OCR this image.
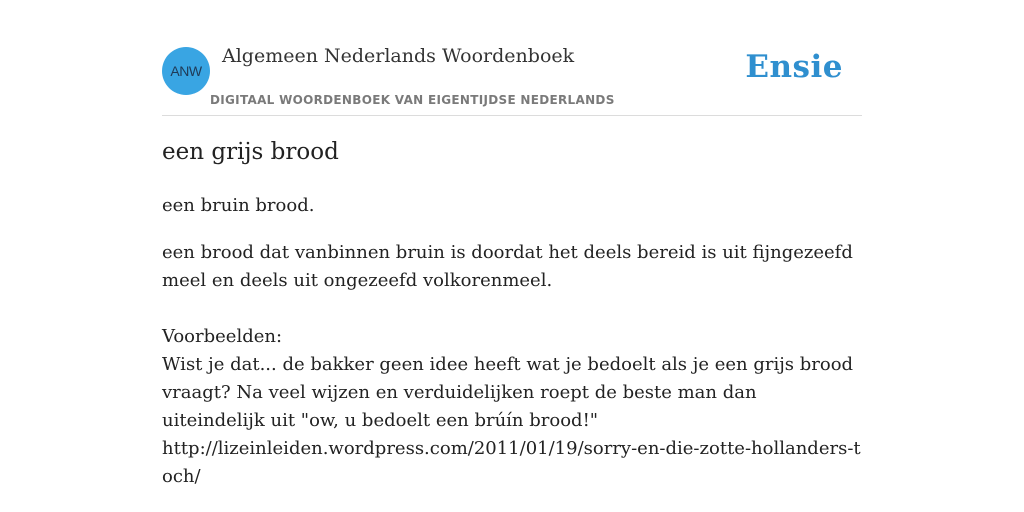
ANW
Algemeen Nederlands Woordenboek
DIGITAAL WOORDENBOEK VAN EIGENTIJDSE NEDERLANDS
Ensie
een grijs brood
een bruin brood.
een brood dat vanbinnen bruin is doordat het deels bereid is uit fijngezeefd meel en deels uit ongezeefd volkorenmeel.
Voorbeelden:
Wist je dat... de bakker geen idee heeft wat je bedoelt als je een grijs brood vraagt? Na veel wijzen en verduidelijken roept de beste man dan uiteindelijk uit "ow, u bedoelt een brúín brood!"
http://lizeinleiden.wordpress.com/2011/01/19/sorry-en-die-zotte-hollanders-toch/
